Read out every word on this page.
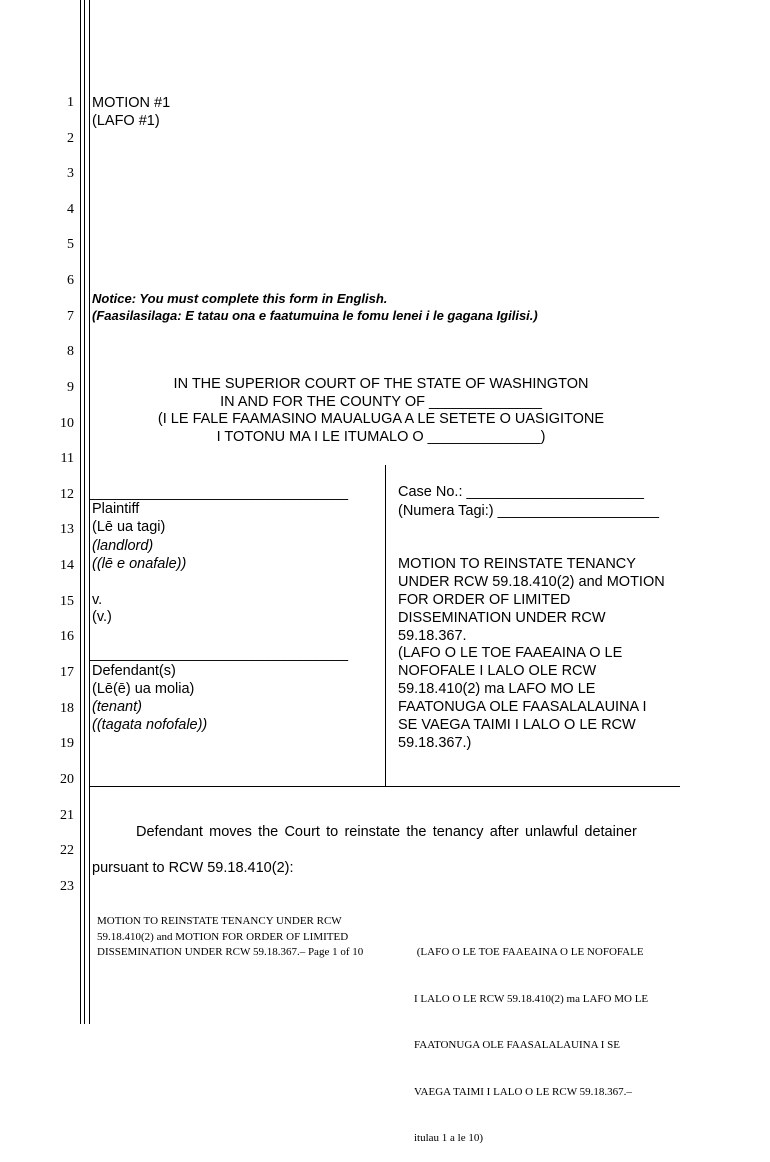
1
2
3
4
5
6
7
8
9
10
11
12
13
14
15
16
17
18
19
20
21
22
23
MOTION #1
(LAFO #1)
Notice: You must complete this form in English.
(Faasilasilaga: E tatau ona e faatumuina le fomu lenei i le gagana Igilisi.)
IN THE SUPERIOR COURT OF THE STATE OF WASHINGTON
IN AND FOR THE COUNTY OF ______________
(I LE FALE FAAMASINO MAUALUGA A LE SETETE O UASIGITONE
I TOTONU MA I LE ITUMALO O ______________)
________________________________
Plaintiff
(Lē ua tagi)
(landlord)
((lē e onafale))
v.
(v.)
________________________________
Defendant(s)
(Lē(ē) ua molia)
(tenant)
((tagata nofofale))
Case No.: ______________________
(Numera Tagi:) ____________________
MOTION TO REINSTATE TENANCY
UNDER RCW 59.18.410(2) and MOTION
FOR ORDER OF LIMITED
DISSEMINATION UNDER RCW
59.18.367.
(LAFO O LE TOE FAAEAINA O LE
NOFOFALE I LALO OLE RCW
59.18.410(2) ma LAFO MO LE
FAATONUGA OLE FAASALALAUINA I
SE VAEGA TAIMI I LALO O LE RCW
59.18.367.)
Defendant moves the Court to reinstate the tenancy after unlawful detainer
pursuant to RCW 59.18.410(2):
MOTION TO REINSTATE TENANCY UNDER RCW
59.18.410(2) and MOTION FOR ORDER OF LIMITED
DISSEMINATION UNDER RCW 59.18.367.– Page 1 of 10

	(LAFO O LE TOE FAAEAINA O LE NOFOFALE

I LALO O LE RCW 59.18.410(2) ma LAFO MO LE

FAATONUGA OLE FAASALALAUINA I SE

VAEGA TAIMI I LALO O LE RCW 59.18.367.–

itulau 1 a le 10)
